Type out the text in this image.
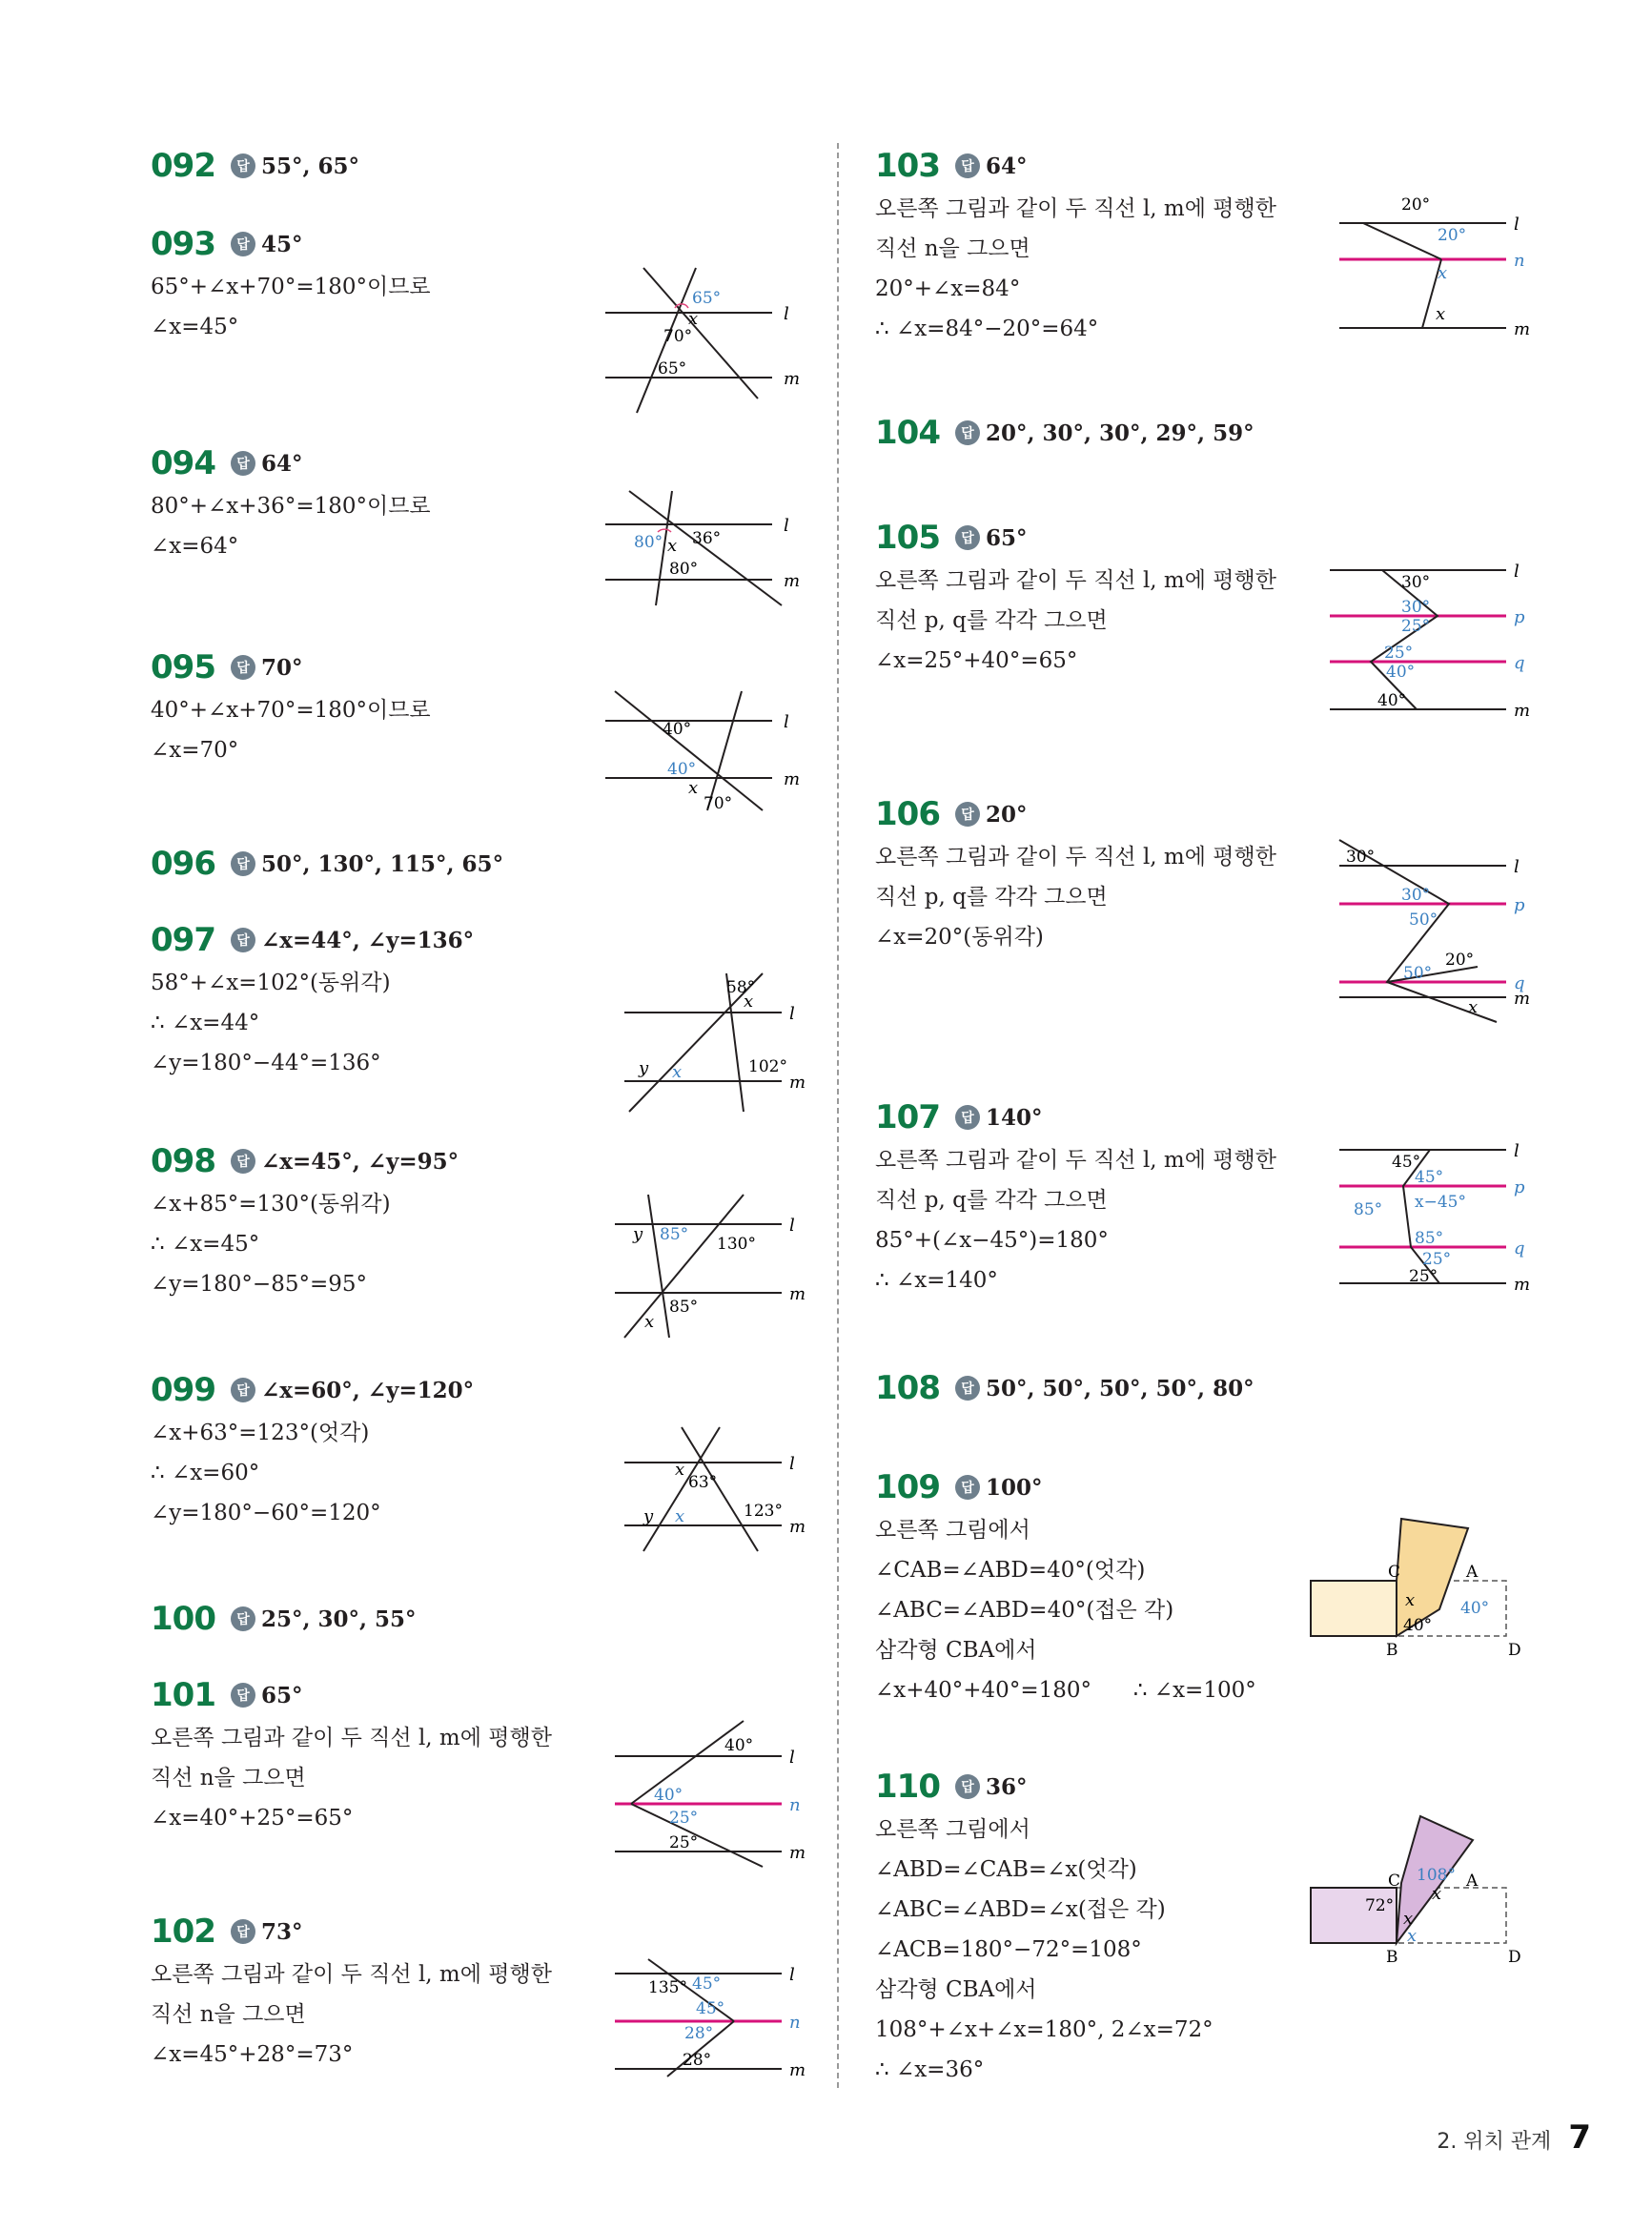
092	답 55°, 65°
093	답 45°
65°+∠x+70°=180°이므로
∠x=45°
094	답 64°
80°+∠x+36°=180°이므로
∠x=64°
095	답 70°
40°+∠x+70°=180°이므로
∠x=70°
096	답 50°, 130°, 115°, 65°
097	답 ∠x=44°, ∠y=136°
58°+∠x=102°(동위각)
∴ ∠x=44°
∠y=180°−44°=136°
098	답 ∠x=45°, ∠y=95°
∠x+85°=130°(동위각)
∴ ∠x=45°
∠y=180°−85°=95°
099	답 ∠x=60°, ∠y=120°
∠x+63°=123°(엇각)
∴ ∠x=60°
∠y=180°−60°=120°
100	답 25°, 30°, 55°
101	답 65°
오른쪽 그림과 같이 두 직선 l, m에 평행한
직선 n을 그으면
∠x=40°+25°=65°
102	답 73°
오른쪽 그림과 같이 두 직선 l, m에 평행한
직선 n을 그으면
∠x=45°+28°=73°
103	답 64°
오른쪽 그림과 같이 두 직선 l, m에 평행한
직선 n을 그으면
20°+∠x=84°
∴ ∠x=84°−20°=64°
104	답 20°, 30°, 30°, 29°, 59°
105	답 65°
오른쪽 그림과 같이 두 직선 l, m에 평행한
직선 p, q를 각각 그으면
∠x=25°+40°=65°
106	답 20°
오른쪽 그림과 같이 두 직선 l, m에 평행한
직선 p, q를 각각 그으면
∠x=20°(동위각)
107	답 140°
오른쪽 그림과 같이 두 직선 l, m에 평행한
직선 p, q를 각각 그으면
85°+(∠x−45°)=180°
∴ ∠x=140°
108	답 50°, 50°, 50°, 50°, 80°
109	답 100°
오른쪽 그림에서
∠CAB=∠ABD=40°(엇각)
∠ABC=∠ABD=40°(접은 각)
삼각형 CBA에서
∠x+40°+40°=180°      ∴ ∠x=100°
110	답 36°
오른쪽 그림에서
∠ABD=∠CAB=∠x(엇각)
∠ABC=∠ABD=∠x(접은 각)
∠ACB=180°−72°=108°
삼각형 CBA에서
108°+∠x+∠x=180°, 2∠x=72°
∴ ∠x=36°
65°
x
70°
65°
l
m
80° x 36°
80°
l
m
40°
40°
x
70°
l
m
58°
x
y x	102°
l
m
y 85° 130°
85°
x
l
m
x
63°
y x	123°
l
m
40°
40°
25°
25°
l
n
m
135° 45°
45°
28°
28°
l
n
m
20°
20°
x
x
l
n
m
30°
30°
25°
25°
40°
40°
l
p
q
m
30°
30°
50°
50°
20°
x
l
p
q
m
45°
45°
x−45°
85°
85°
25°
25°
l
p
q
m
C	A
B	D
x
40°
40°
C	A
B	D
108°
72°
x
x
x
2. 위치 관계 7
